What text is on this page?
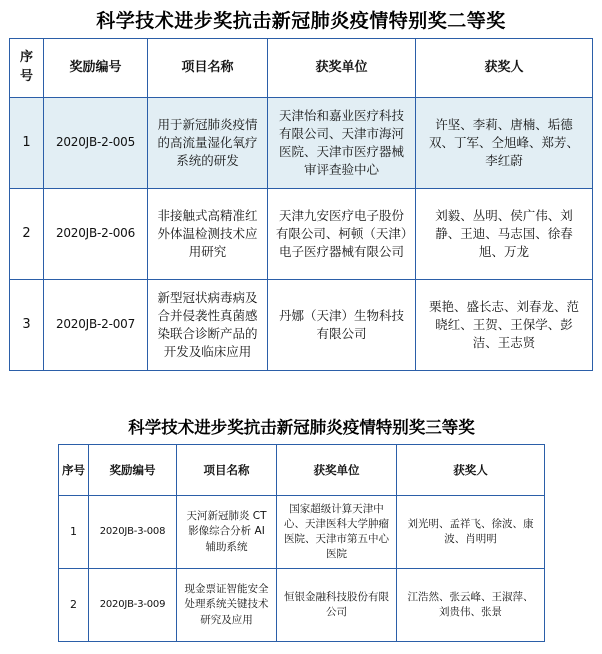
科学技术进步奖抗击新冠肺炎疫情特别奖二等奖
序号	奖励编号	项目名称	获奖单位	获奖人
1	2020JB-2-005	用于新冠肺炎疫情的高流量湿化氧疗系统的研发	天津怡和嘉业医疗科技有限公司、天津市海河医院、天津市医疗器械审评查验中心	许坚、李莉、唐楠、垢德双、丁军、仝旭峰、郑芳、李红蔚

2	2020JB-2-006	非接触式高精准红外体温检测技术应用研究	天津九安医疗电子股份有限公司、柯顿（天津）电子医疗器械有限公司	刘毅、丛明、侯广伟、刘静、王迪、马志国、徐春旭、万龙

3	2020JB-2-007	新型冠状病毒病及合并侵袭性真菌感染联合诊断产品的开发及临床应用	丹娜（天津）生物科技有限公司	栗艳、盛长志、刘春龙、范晓红、王贺、王保学、彭洁、王志贤
科学技术进步奖抗击新冠肺炎疫情特别奖三等奖
序号	奖励编号	项目名称	获奖单位	获奖人
1	2020JB-3-008	天河新冠肺炎 CT 影像综合分析 AI 辅助系统	国家超级计算天津中心、天津医科大学肿瘤医院、天津市第五中心医院	刘光明、孟祥飞、徐波、康波、肖明明

2	2020JB-3-009	现金票证智能安全处理系统关键技术研究及应用	恒银金融科技股份有限公司	江浩然、张云峰、王淑萍、刘贵伟、张景
